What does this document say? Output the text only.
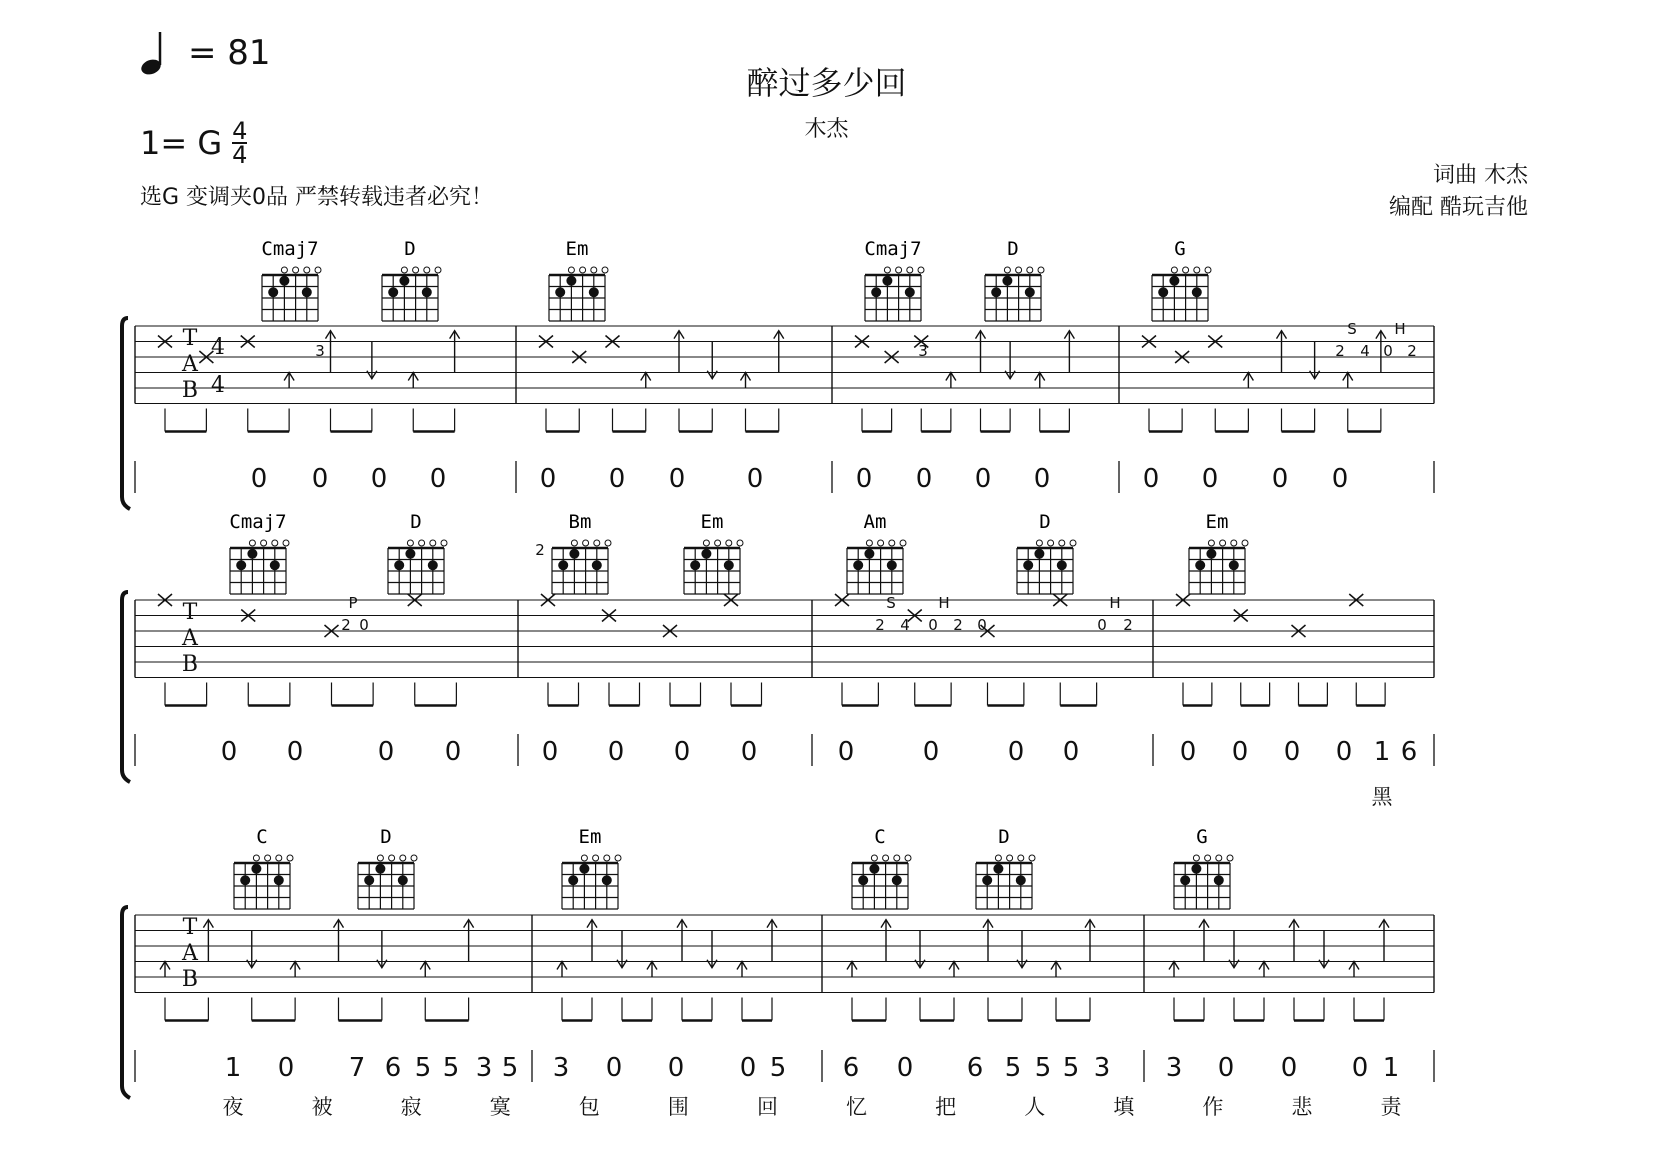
醉过多少回
木杰
= 81
1= G $\frac{4}{4}$
选G 变调夹0品 严禁转载违者必究！
词曲 木杰
编配 酷玩吉他
T
A
B
4
4
Cmaj7	D	Em	Cmaj7	D	G
0 0 0 0	0 0 0 0	0 0 0 0	0 0 0 0
3	3
S	H
2 4 0 2
T
A
B
Cmaj7	D	Bm	Em	Am	D	Em
0 0	0 0	0 0 0 0	0	0	0 0	0 0 0 0 1 6
黑
P
2 0
S
2 4
H
0 2 0
H
0 2
2
T
A
B
C	D	Em	C	D	G
1 0 7 6 5 5 3 5 3 0 0 0 5 6 0 6 5 5 5 3 3 0 0 0 1
夜	被	寂	寞	包	围	回	忆	把	人	填	作	悲	责
